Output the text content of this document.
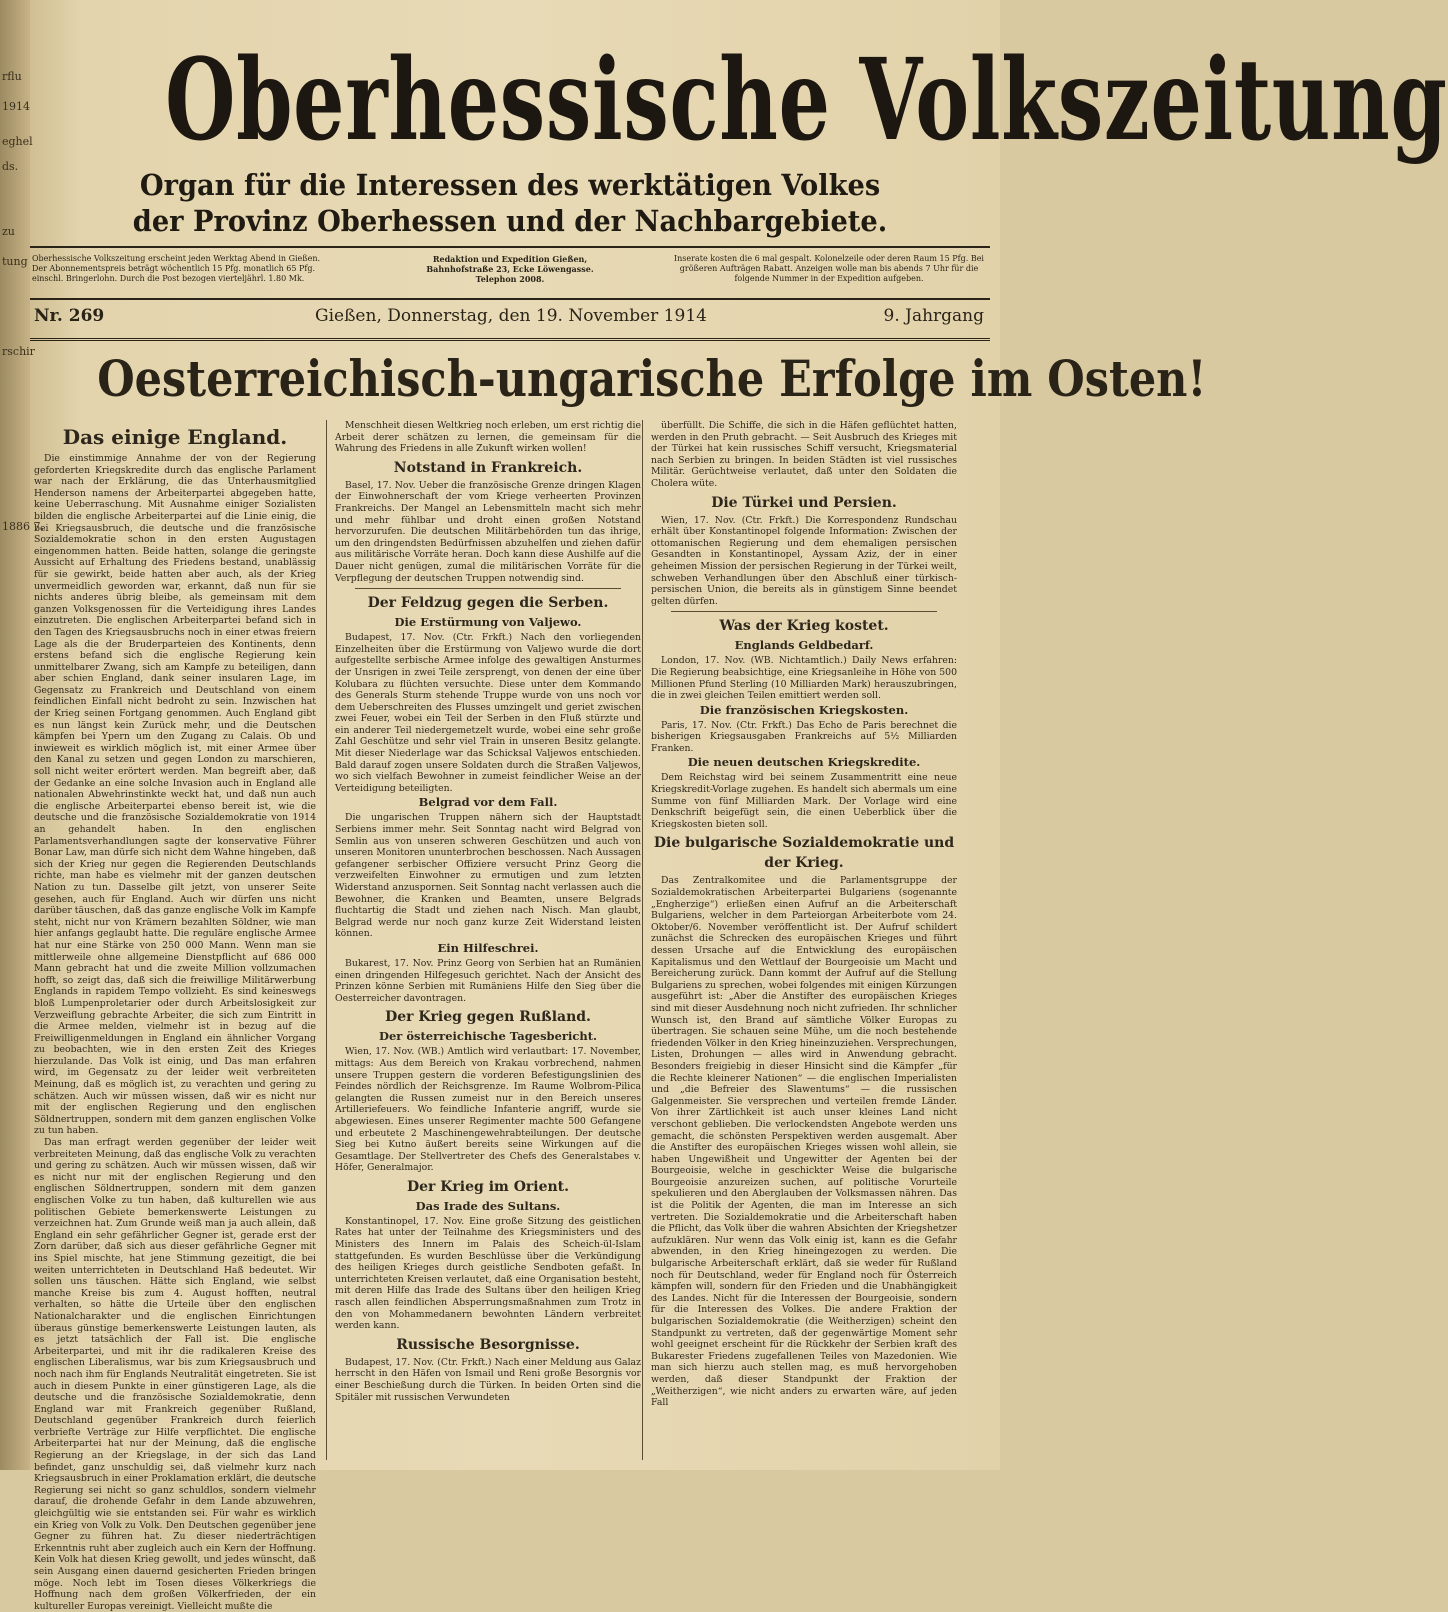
rflu
1914
eghel
ds.
zu
tung
rschir
1886 7.
Oberhessische Volkszeitung
Organ für die Interessen des werktätigen Volkes
der Provinz Oberhessen und der Nachbargebiete.
Oberhessische Volkszeitung erscheint jeden Werktag Abend in Gießen. Der Abonnementspreis beträgt wöchentlich 15 Pfg. monatlich 65 Pfg. einschl. Bringerlohn. Durch die Post bezogen vierteljährl. 1.80 Mk.
Redaktion und Expedition Gießen, Bahnhofstraße 23, Ecke Löwengasse. Telephon 2008.
Inserate kosten die 6 mal gespalt. Kolonelzeile oder deren Raum 15 Pfg. Bei größeren Aufträgen Rabatt. Anzeigen wolle man bis abends 7 Uhr für die folgende Nummer in der Expedition aufgeben.
Nr. 269	Gießen, Donnerstag, den 19. November 1914	9. Jahrgang
Oesterreichisch-ungarische Erfolge im Osten!
Das einige England.

Die einstimmige Annahme der von der Regierung geforderten Kriegskredite durch das englische Parlament war nach der Erklärung, die das Unterhausmitglied Henderson namens der Arbeiterpartei abgegeben hatte, keine Ueberraschung. Mit Ausnahme einiger Sozialisten bilden die englische Arbeiterpartei auf die Linie einig, die bei Kriegsausbruch, die deutsche und die französische Sozialdemokratie schon in den ersten Augustagen eingenommen hatten. Beide hatten, solange die geringste Aussicht auf Erhaltung des Friedens bestand, unablässig für sie gewirkt, beide hatten aber auch, als der Krieg unvermeidlich geworden war, erkannt, daß nun für sie nichts anderes übrig bleibe, als gemeinsam mit dem ganzen Volksgenossen für die Verteidigung ihres Landes einzutreten. Die englischen Arbeiterpartei befand sich in den Tagen des Kriegsausbruchs noch in einer etwas freiern Lage als die der Bruderparteien des Kontinents, denn erstens befand sich die englische Regierung kein unmittelbarer Zwang, sich am Kampfe zu beteiligen, dann aber schien England, dank seiner insularen Lage, im Gegensatz zu Frankreich und Deutschland von einem feindlichen Einfall nicht bedroht zu sein. Inzwischen hat der Krieg seinen Fortgang genommen. Auch England gibt es nun längst kein Zurück mehr, und die Deutschen kämpfen bei Ypern um den Zugang zu Calais. Ob und inwieweit es wirklich möglich ist, mit einer Armee über den Kanal zu setzen und gegen London zu marschieren, soll nicht weiter erörtert werden. Man begreift aber, daß der Gedanke an eine solche Invasion auch in England alle nationalen Abwehrinstinkte weckt hat, und daß nun auch die englische Arbeiterpartei ebenso bereit ist, wie die deutsche und die französische Sozialdemokratie von 1914 an gehandelt haben. In den englischen Parlamentsverhandlungen sagte der konservative Führer Bonar Law, man dürfe sich nicht dem Wahne hingeben, daß sich der Krieg nur gegen die Regierenden Deutschlands richte, man habe es vielmehr mit der ganzen deutschen Nation zu tun. Dasselbe gilt jetzt, von unserer Seite gesehen, auch für England. Auch wir dürfen uns nicht darüber täuschen, daß das ganze englische Volk im Kampfe steht, nicht nur von Krämern bezahlten Söldner, wie man hier anfangs geglaubt hatte. Die reguläre englische Armee hat nur eine Stärke von 250 000 Mann. Wenn man sie mittlerweile ohne allgemeine Dienstpflicht auf 686 000 Mann gebracht hat und die zweite Million vollzumachen hofft, so zeigt das, daß sich die freiwillige Militärwerbung Englands in rapidem Tempo vollzieht. Es sind keineswegs bloß Lumpenproletarier oder durch Arbeitslosigkeit zur Verzweiflung gebrachte Arbeiter, die sich zum Eintritt in die Armee melden, vielmehr ist in bezug auf die Freiwilligenmeldungen in England ein ähnlicher Vorgang zu beobachten, wie in den ersten Zeit des Krieges hierzulande. Das Volk ist einig, und Das man erfahren wird, im Gegensatz zu der leider weit verbreiteten Meinung, daß es möglich ist, zu verachten und gering zu schätzen. Auch wir müssen wissen, daß wir es nicht nur mit der englischen Regierung und den englischen Söldnertruppen, sondern mit dem ganzen englischen Volke zu tun haben.

Das man erfragt werden gegenüber der leider weit verbreiteten Meinung, daß das englische Volk zu verachten und gering zu schätzen. Auch wir müssen wissen, daß wir es nicht nur mit der englischen Regierung und den englischen Söldnertruppen, sondern mit dem ganzen englischen Volke zu tun haben, daß kulturellen wie aus politischen Gebiete bemerkenswerte Leistungen zu verzeichnen hat. Zum Grunde weiß man ja auch allein, daß England ein sehr gefährlicher Gegner ist, gerade erst der Zorn darüber, daß sich aus dieser gefährliche Gegner mit ins Spiel mischte, hat jene Stimmung gezeitigt, die bei weiten unterrichteten in Deutschland Haß bedeutet. Wir sollen uns täuschen. Hätte sich England, wie selbst manche Kreise bis zum 4. August hofften, neutral verhalten, so hätte die Urteile über den englischen Nationalcharakter und die englischen Einrichtungen überaus günstige bemerkenswerte Leistungen lauten, als es jetzt tatsächlich der Fall ist. Die englische Arbeiterpartei, und mit ihr die radikaleren Kreise des englischen Liberalismus, war bis zum Kriegsausbruch und noch nach ihm für Englands Neutralität eingetreten. Sie ist auch in diesem Punkte in einer günstigeren Lage, als die deutsche und die französische Sozialdemokratie, denn England war mit Frankreich gegenüber Rußland, Deutschland gegenüber Frankreich durch feierlich verbriefte Verträge zur Hilfe verpflichtet. Die englische Arbeiterpartei hat nur der Meinung, daß die englische Regierung an der Kriegslage, in der sich das Land befindet, ganz unschuldig sei, daß vielmehr kurz nach Kriegsausbruch in einer Proklamation erklärt, die deutsche Regierung sei nicht so ganz schuldlos, sondern vielmehr darauf, die drohende Gefahr in dem Lande abzuwehren, gleichgültig wie sie entstanden sei. Für wahr es wirklich ein Krieg von Volk zu Volk. Den Deutschen gegenüber jene Gegner zu führen hat. Zu dieser niederträchtigen Erkenntnis ruht aber zugleich auch ein Kern der Hoffnung. Kein Volk hat diesen Krieg gewollt, und jedes wünscht, daß sein Ausgang einen dauernd gesicherten Frieden bringen möge. Noch lebt im Tosen dieses Völkerkriegs die Hoffnung nach dem großen Völkerfrieden, der ein kultureller Europas vereinigt. Vielleicht mußte die

Menschheit diesen Weltkrieg noch erleben, um erst richtig die Arbeit derer schätzen zu lernen, die gemeinsam für die Wahrung des Friedens in alle Zukunft wirken wollen!

Notstand in Frankreich.

Basel, 17. Nov. Ueber die französische Grenze dringen Klagen der Einwohnerschaft der vom Kriege verheerten Provinzen Frankreichs. Der Mangel an Lebensmitteln macht sich mehr und mehr fühlbar und droht einen großen Notstand hervorzurufen. Die deutschen Militärbehörden tun das ihrige, um den dringendsten Bedürfnissen abzuhelfen und ziehen dafür aus militärische Vorräte heran. Doch kann diese Aushilfe auf die Dauer nicht genügen, zumal die militärischen Vorräte für die Verpflegung der deutschen Truppen notwendig sind.

Der Feldzug gegen die Serben.
Die Erstürmung von Valjewo.

Budapest, 17. Nov. (Ctr. Frkft.) Nach den vorliegenden Einzelheiten über die Erstürmung von Valjewo wurde die dort aufgestellte serbische Armee infolge des gewaltigen Ansturmes der Unsrigen in zwei Teile zersprengt, von denen der eine über Kolubara zu flüchten versuchte. Diese unter dem Kommando des Generals Sturm stehende Truppe wurde von uns noch vor dem Ueberschreiten des Flusses umzingelt und geriet zwischen zwei Feuer, wobei ein Teil der Serben in den Fluß stürzte und ein anderer Teil niedergemetzelt wurde, wobei eine sehr große Zahl Geschütze und sehr viel Train in unseren Besitz gelangte. Mit dieser Niederlage war das Schicksal Valjewos entschieden. Bald darauf zogen unsere Soldaten durch die Straßen Valjewos, wo sich vielfach Bewohner in zumeist feindlicher Weise an der Verteidigung beteiligten.

Belgrad vor dem Fall.

Die ungarischen Truppen nähern sich der Hauptstadt Serbiens immer mehr. Seit Sonntag nacht wird Belgrad von Semlin aus von unseren schweren Geschützen und auch von unseren Monitoren ununterbrochen beschossen. Nach Aussagen gefangener serbischer Offiziere versucht Prinz Georg die verzweifelten Einwohner zu ermutigen und zum letzten Widerstand anzuspornen. Seit Sonntag nacht verlassen auch die Bewohner, die Kranken und Beamten, unsere Belgrads fluchtartig die Stadt und ziehen nach Nisch. Man glaubt, Belgrad werde nur noch ganz kurze Zeit Widerstand leisten können.

Ein Hilfeschrei.

Bukarest, 17. Nov. Prinz Georg von Serbien hat an Rumänien einen dringenden Hilfegesuch gerichtet. Nach der Ansicht des Prinzen könne Serbien mit Rumäniens Hilfe den Sieg über die Oesterreicher davontragen.

Der Krieg gegen Rußland.
Der österreichische Tagesbericht.

Wien, 17. Nov. (WB.) Amtlich wird verlautbart: 17. November, mittags: Aus dem Bereich von Krakau vorbrechend, nahmen unsere Truppen gestern die vorderen Befestigungslinien des Feindes nördlich der Reichsgrenze. Im Raume Wolbrom-Pilica gelangten die Russen zumeist nur in den Bereich unseres Artilleriefeuers. Wo feindliche Infanterie angriff, wurde sie abgewiesen. Eines unserer Regimenter machte 500 Gefangene und erbeutete 2 Maschinengewehrabteilungen. Der deutsche Sieg bei Kutno äußert bereits seine Wirkungen auf die Gesamtlage. Der Stellvertreter des Chefs des Generalstabes v. Höfer, Generalmajor.

Der Krieg im Orient.
Das Irade des Sultans.

Konstantinopel, 17. Nov. Eine große Sitzung des geistlichen Rates hat unter der Teilnahme des Kriegsministers und des Ministers des Innern im Palais des Scheich-ül-Islam stattgefunden. Es wurden Beschlüsse über die Verkündigung des heiligen Krieges durch geistliche Sendboten gefaßt. In unterrichteten Kreisen verlautet, daß eine Organisation besteht, mit deren Hilfe das Irade des Sultans über den heiligen Krieg rasch allen feindlichen Absperrungsmaßnahmen zum Trotz in den von Mohammedanern bewohnten Ländern verbreitet werden kann.

Russische Besorgnisse.

Budapest, 17. Nov. (Ctr. Frkft.) Nach einer Meldung aus Galaz herrscht in den Häfen von Ismail und Reni große Besorgnis vor einer Beschießung durch die Türken. In beiden Orten sind die Spitäler mit russischen Verwundeten

überfüllt. Die Schiffe, die sich in die Häfen geflüchtet hatten, werden in den Pruth gebracht. — Seit Ausbruch des Krieges mit der Türkei hat kein russisches Schiff versucht, Kriegsmaterial nach Serbien zu bringen. In beiden Städten ist viel russisches Militär. Gerüchtweise verlautet, daß unter den Soldaten die Cholera wüte.

Die Türkei und Persien.

Wien, 17. Nov. (Ctr. Frkft.) Die Korrespondenz Rundschau erhält über Konstantinopel folgende Information: Zwischen der ottomanischen Regierung und dem ehemaligen persischen Gesandten in Konstantinopel, Ayssam Aziz, der in einer geheimen Mission der persischen Regierung in der Türkei weilt, schweben Verhandlungen über den Abschluß einer türkisch-persischen Union, die bereits als in günstigem Sinne beendet gelten dürfen.

Was der Krieg kostet.
Englands Geldbedarf.

London, 17. Nov. (WB. Nichtamtlich.) Daily News erfahren: Die Regierung beabsichtige, eine Kriegsanleihe in Höhe von 500 Millionen Pfund Sterling (10 Milliarden Mark) herauszubringen, die in zwei gleichen Teilen emittiert werden soll.

Die französischen Kriegskosten.

Paris, 17. Nov. (Ctr. Frkft.) Das Echo de Paris berechnet die bisherigen Kriegsausgaben Frankreichs auf 5½ Milliarden Franken.

Die neuen deutschen Kriegskredite.

Dem Reichstag wird bei seinem Zusammentritt eine neue Kriegskredit-Vorlage zugehen. Es handelt sich abermals um eine Summe von fünf Milliarden Mark. Der Vorlage wird eine Denkschrift beigefügt sein, die einen Ueberblick über die Kriegskosten bieten soll.

Die bulgarische Sozialdemokratie und der Krieg.

Das Zentralkomitee und die Parlamentsgruppe der Sozialdemokratischen Arbeiterpartei Bulgariens (sogenannte „Engherzige“) erließen einen Aufruf an die Arbeiterschaft Bulgariens, welcher in dem Parteiorgan Arbeiterbote vom 24. Oktober/6. November veröffentlicht ist. Der Aufruf schildert zunächst die Schrecken des europäischen Krieges und führt dessen Ursache auf die Entwicklung des europäischen Kapitalismus und den Wettlauf der Bourgeoisie um Macht und Bereicherung zurück. Dann kommt der Aufruf auf die Stellung Bulgariens zu sprechen, wobei folgendes mit einigen Kürzungen ausgeführt ist: „Aber die Anstifter des europäischen Krieges sind mit dieser Ausdehnung noch nicht zufrieden. Ihr schnlicher Wunsch ist, den Brand auf sämtliche Völker Europas zu übertragen. Sie schauen seine Mühe, um die noch bestehende friedenden Völker in den Krieg hineinzuziehen. Versprechungen, Listen, Drohungen — alles wird in Anwendung gebracht. Besonders freigiebig in dieser Hinsicht sind die Kämpfer „für die Rechte kleinerer Nationen“ — die englischen Imperialisten und „die Befreier des Slawentums“ — die russischen Galgenmeister. Sie versprechen und verteilen fremde Länder. Von ihrer Zärtlichkeit ist auch unser kleines Land nicht verschont geblieben. Die verlockendsten Angebote werden uns gemacht, die schönsten Perspektiven werden ausgemalt. Aber die Anstifter des europäischen Krieges wissen wohl allein, sie haben Ungewißheit und Ungewitter der Agenten bei der Bourgeoisie, welche in geschickter Weise die bulgarische Bourgeoisie anzureizen suchen, auf politische Vorurteile spekulieren und den Aberglauben der Volksmassen nähren. Das ist die Politik der Agenten, die man im Interesse an sich vertreten. Die Sozialdemokratie und die Arbeiterschaft haben die Pflicht, das Volk über die wahren Absichten der Kriegshetzer aufzuklären. Nur wenn das Volk einig ist, kann es die Gefahr abwenden, in den Krieg hineingezogen zu werden. Die bulgarische Arbeiterschaft erklärt, daß sie weder für Rußland noch für Deutschland, weder für England noch für Österreich kämpfen will, sondern für den Frieden und die Unabhängigkeit des Landes. Nicht für die Interessen der Bourgeoisie, sondern für die Interessen des Volkes. Die andere Fraktion der bulgarischen Sozialdemokratie (die Weitherzigen) scheint den Standpunkt zu vertreten, daß der gegenwärtige Moment sehr wohl geeignet erscheint für die Rückkehr der Serbien kraft des Bukarester Friedens zugefallenen Teiles von Mazedonien. Wie man sich hierzu auch stellen mag, es muß hervorgehoben werden, daß dieser Standpunkt der Fraktion der „Weitherzigen“, wie nicht anders zu erwarten wäre, auf jeden Fall
